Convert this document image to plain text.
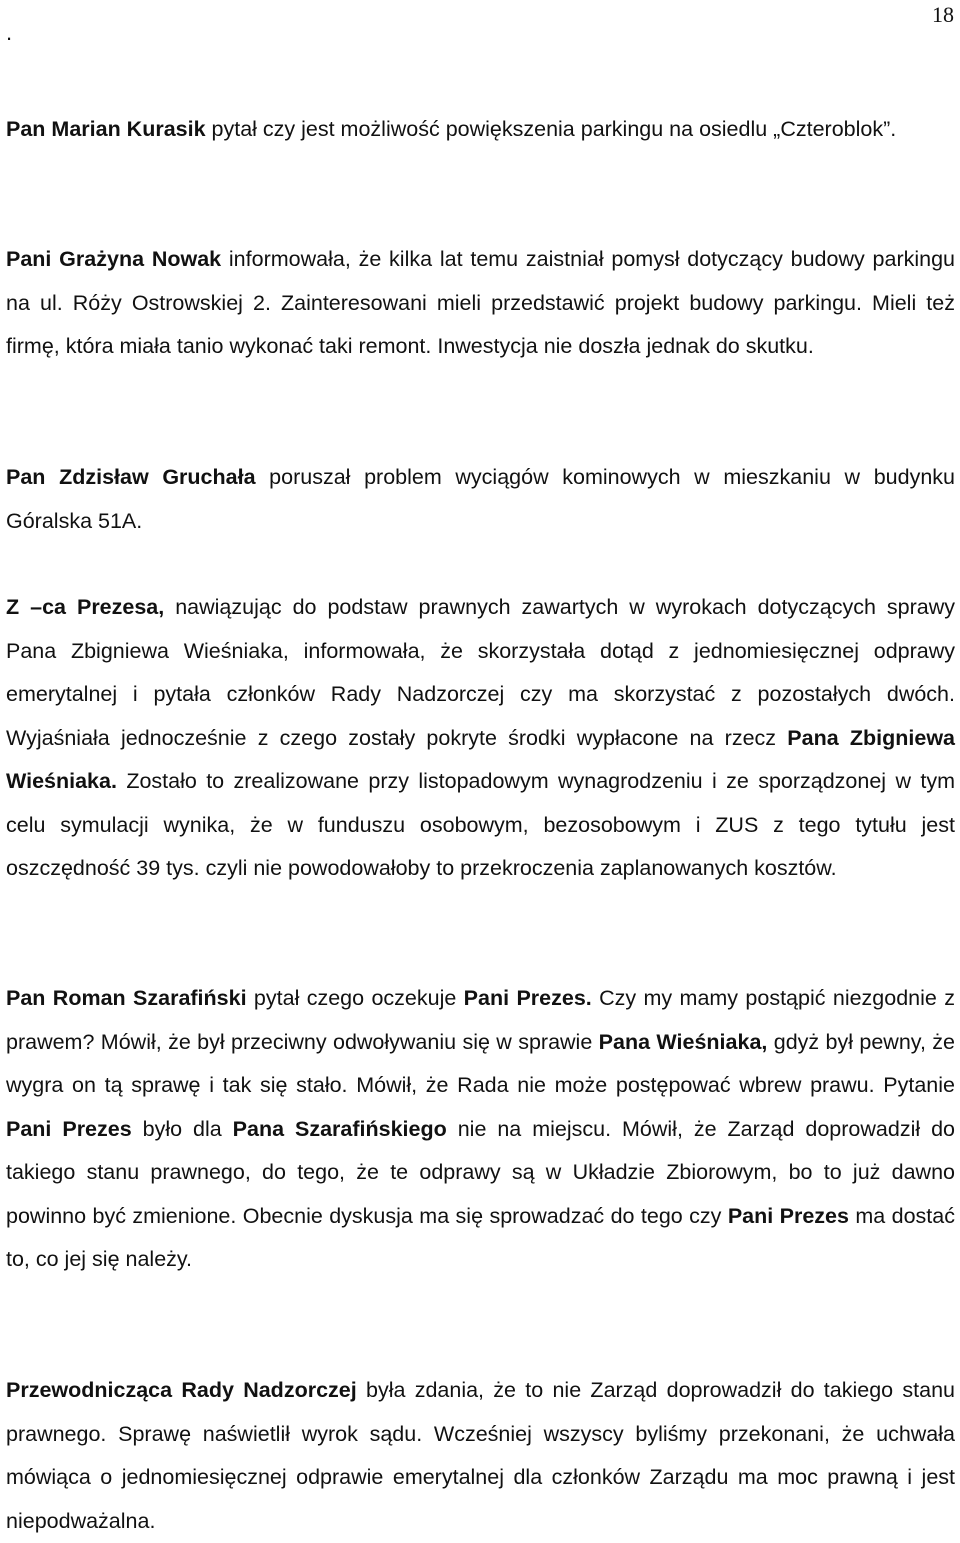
.
18

Pan Marian Kurasik pytał czy jest możliwość powiększenia parkingu na osiedlu „Czteroblok”.

Pani Grażyna Nowak informowała, że kilka lat temu zaistniał pomysł dotyczący budowy parkingu na ul. Róży Ostrowskiej 2. Zainteresowani mieli przedstawić projekt budowy parkingu. Mieli też firmę, która miała tanio wykonać taki remont. Inwestycja nie doszła jednak do skutku.

Pan Zdzisław Gruchała poruszał problem wyciągów kominowych w mieszkaniu w budynku Góralska 51A.

Z –ca Prezesa, nawiązując do podstaw prawnych zawartych w wyrokach dotyczących sprawy Pana Zbigniewa Wieśniaka, informowała, że skorzystała dotąd z jednomiesięcznej odprawy emerytalnej i pytała członków Rady Nadzorczej czy ma skorzystać z pozostałych dwóch. Wyjaśniała jednocześnie z czego zostały pokryte środki wypłacone na rzecz Pana Zbigniewa Wieśniaka. Zostało to zrealizowane przy listopadowym wynagrodzeniu i ze sporządzonej w tym celu symulacji wynika, że w funduszu osobowym, bezosobowym i ZUS z tego tytułu jest oszczędność 39 tys. czyli nie powodowałoby to przekroczenia zaplanowanych kosztów.

Pan Roman Szarafiński pytał czego oczekuje Pani Prezes. Czy my mamy postąpić niezgodnie z prawem? Mówił, że był przeciwny odwoływaniu się w sprawie Pana Wieśniaka, gdyż był pewny, że wygra on tą sprawę i tak się stało. Mówił, że Rada nie może postępować wbrew prawu. Pytanie Pani Prezes było dla Pana Szarafińskiego nie na miejscu. Mówił, że Zarząd doprowadził do takiego stanu prawnego, do tego, że te odprawy są w Układzie Zbiorowym, bo to już dawno powinno być zmienione. Obecnie dyskusja ma się sprowadzać do tego czy Pani Prezes ma dostać to, co jej się należy.

Przewodnicząca Rady Nadzorczej była zdania, że to nie Zarząd doprowadził do takiego stanu prawnego. Sprawę naświetlił wyrok sądu. Wcześniej wszyscy byliśmy przekonani, że uchwała mówiąca o jednomiesięcznej odprawie emerytalnej dla członków Zarządu ma moc prawną i jest niepodważalna.
